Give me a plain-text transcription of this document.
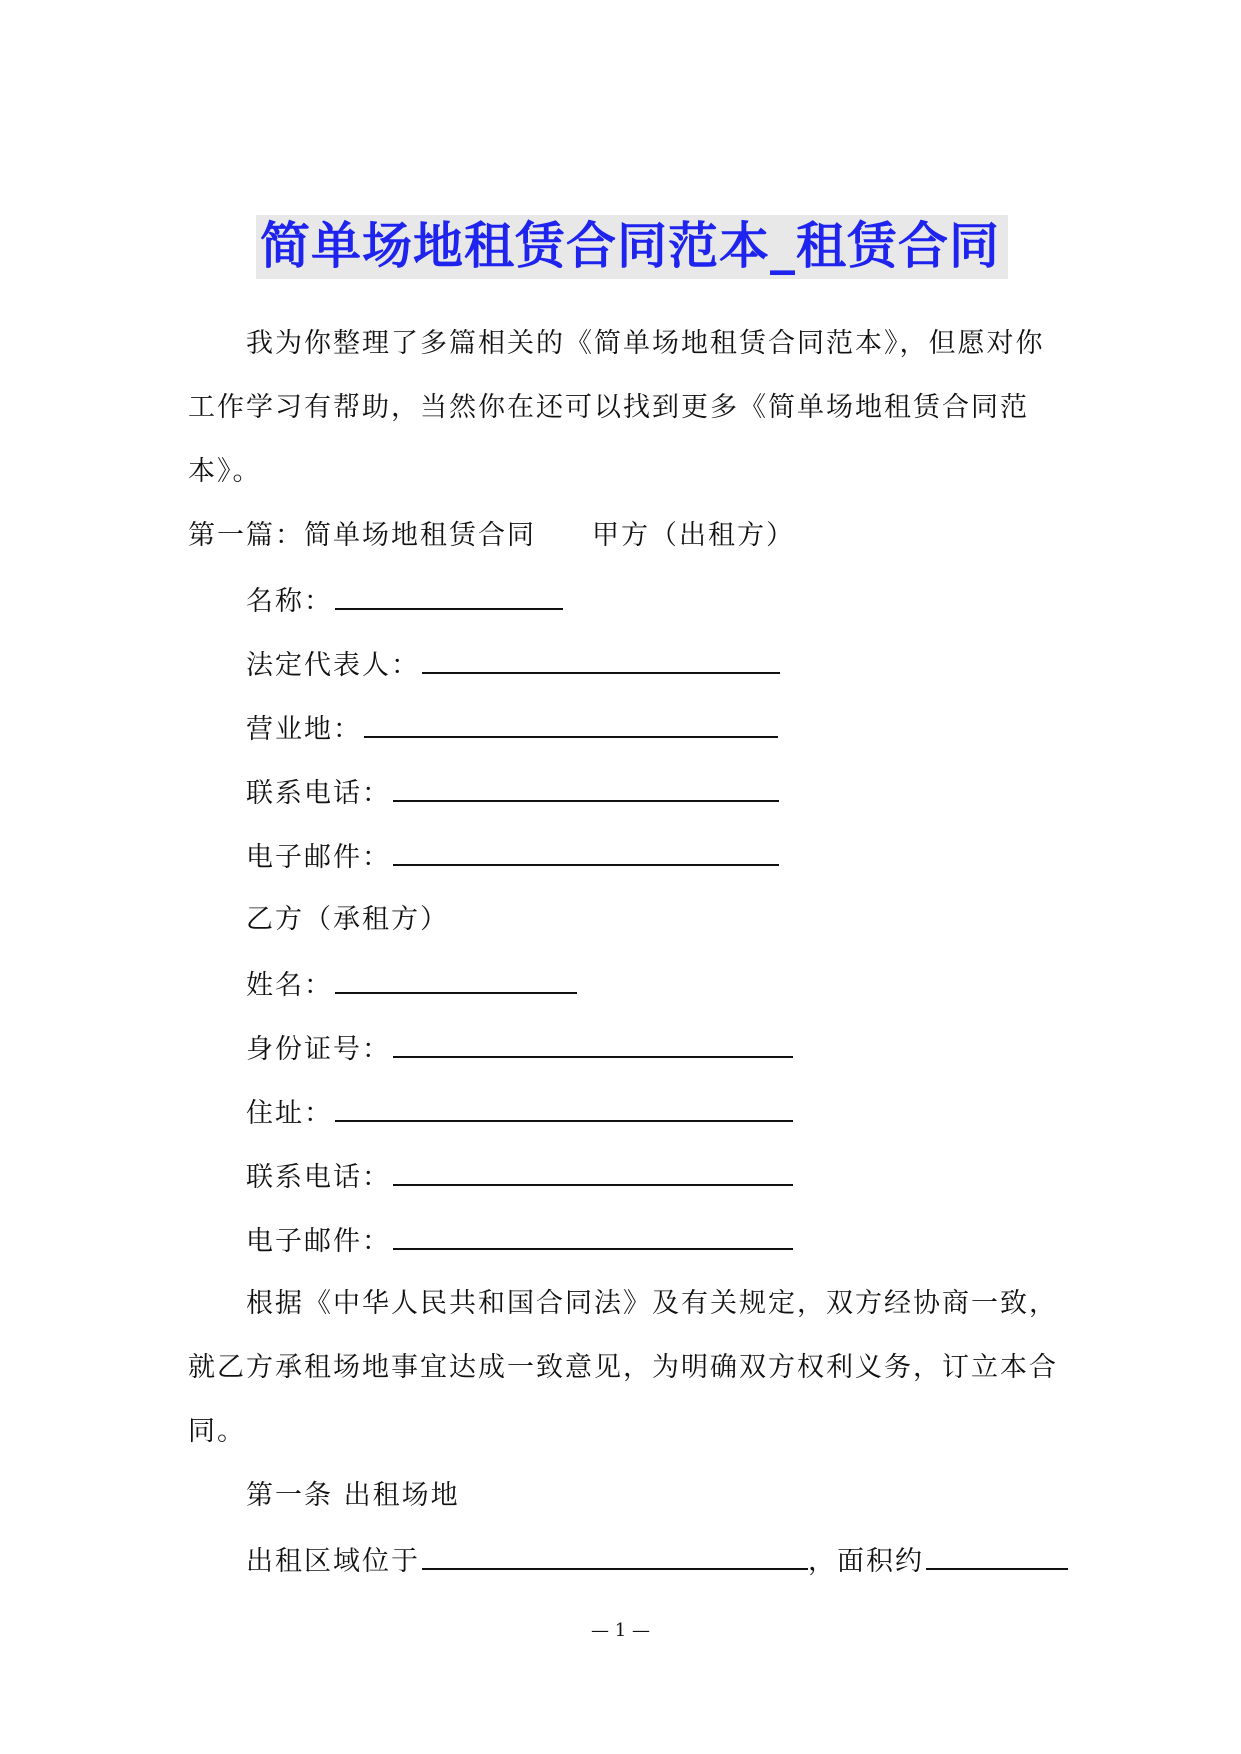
简单场地租赁合同范本_租赁合同
我为你整理了多篇相关的《简单场地租赁合同范本》，但愿对你
工作学习有帮助，当然你在还可以找到更多《简单场地租赁合同范
本》。
第一篇：简单场地租赁合同 甲方（出租方）
名称：
法定代表人：
营业地：
联系电话：
电子邮件：
乙方（承租方）
姓名：
身份证号：
住址：
联系电话：
电子邮件：
根据《中华人民共和国合同法》及有关规定，双方经协商一致，
就乙方承租场地事宜达成一致意见，为明确双方权利义务，订立本合
同。
第一条 出租场地
出租区域位于	，面积约
— 1 —
